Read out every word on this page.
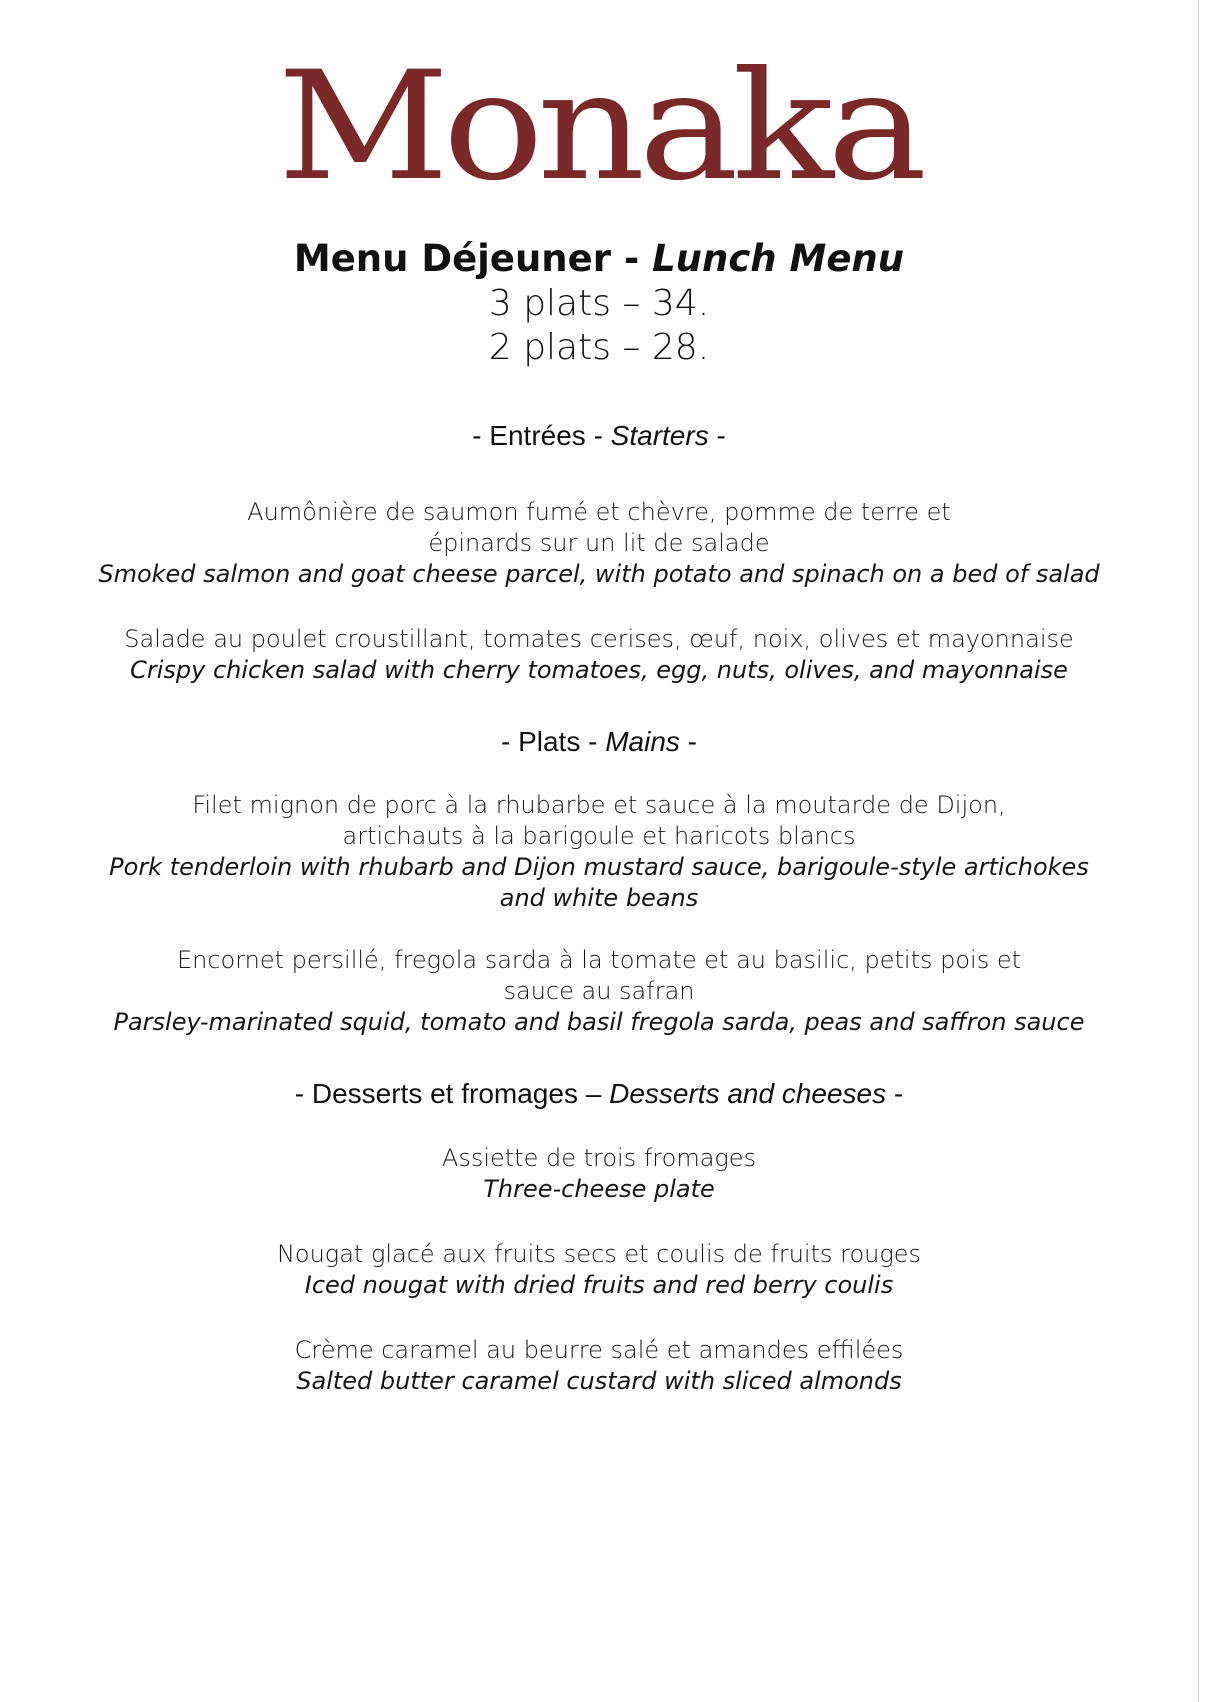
Monaka
Menu Déjeuner - Lunch Menu
3 plats – 34.
2 plats – 28.
- Entrées - Starters -
Aumônière de saumon fumé et chèvre, pomme de terre et
épinards sur un lit de salade
Smoked salmon and goat cheese parcel, with potato and spinach on a bed of salad
Salade au poulet croustillant, tomates cerises, œuf, noix, olives et mayonnaise
Crispy chicken salad with cherry tomatoes, egg, nuts, olives, and mayonnaise
- Plats - Mains -
Filet mignon de porc à la rhubarbe et sauce à la moutarde de Dijon,
artichauts à la barigoule et haricots blancs
Pork tenderloin with rhubarb and Dijon mustard sauce, barigoule-style artichokes
and white beans
Encornet persillé, fregola sarda à la tomate et au basilic, petits pois et
sauce au safran
Parsley-marinated squid, tomato and basil fregola sarda, peas and saffron sauce
- Desserts et fromages – Desserts and cheeses -
Assiette de trois fromages
Three-cheese plate
Nougat glacé aux fruits secs et coulis de fruits rouges
Iced nougat with dried fruits and red berry coulis
Crème caramel au beurre salé et amandes effilées
Salted butter caramel custard with sliced almonds
